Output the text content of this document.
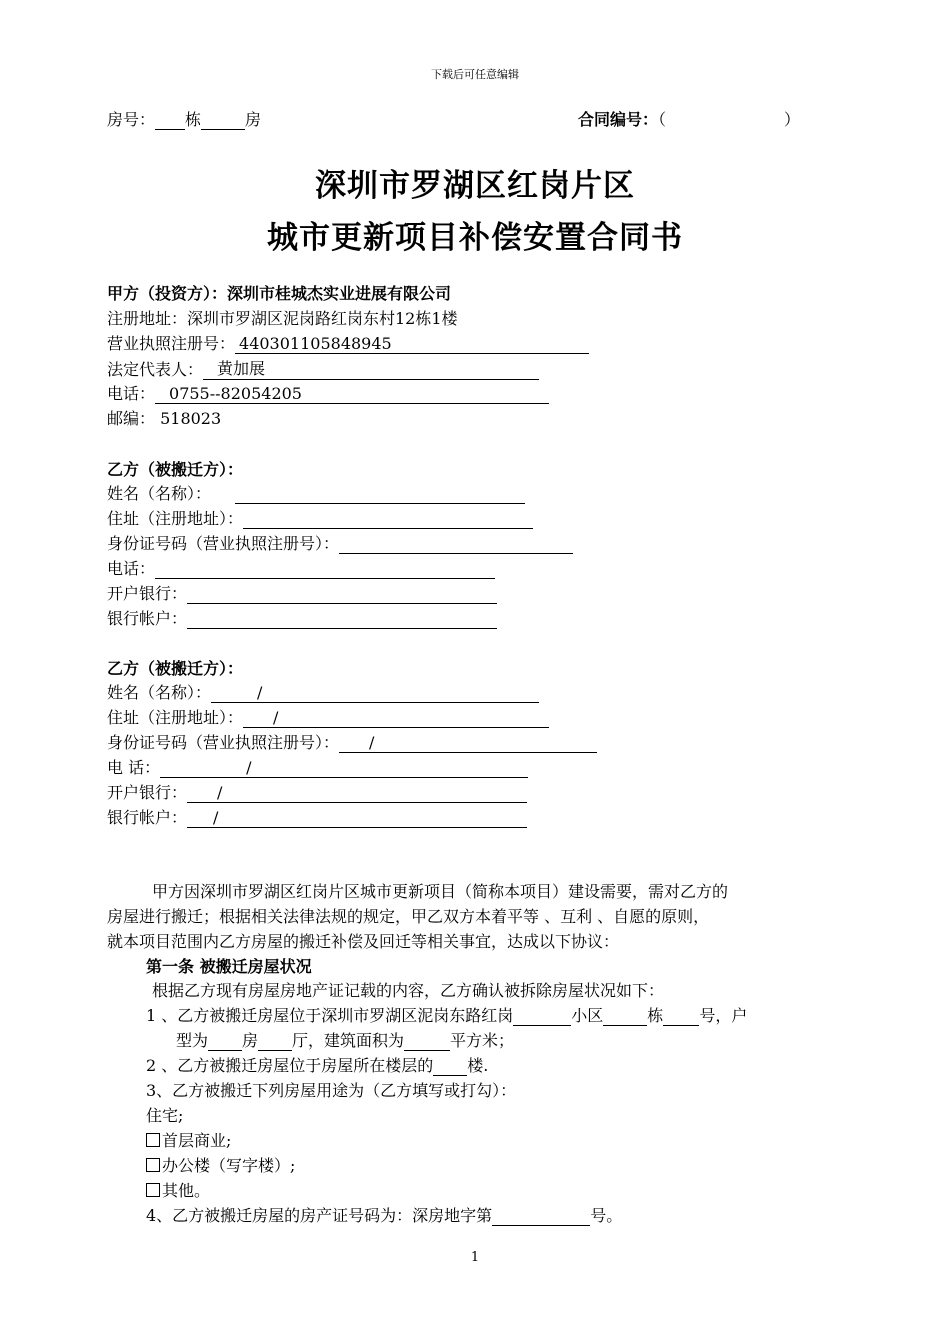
下载后可任意编辑
房号： 栋	房	合同编号：（	）
深圳市罗湖区红岗片区
城市更新项目补偿安置合同书
甲方（投资方）：深圳市桂城杰实业进展有限公司
注册地址：深圳市罗湖区泥岗路红岗东村12栋1楼
营业执照注册号： 440301105848945
法定代表人： 黄加展
电话： 0755--82054205
邮编： 518023
乙方（被搬迁方）：
姓名（名称）：
住址（注册地址）：
身份证号码（营业执照注册号）：
电话：
开户银行：
银行帐户：
乙方（被搬迁方）：
姓名（名称）：	/
住址（注册地址）： /
身份证号码（营业执照注册号）： /
电 话：	/
开户银行： /
银行帐户： /
甲方因深圳市罗湖区红岗片区城市更新项目（简称本项目）建设需要，需对乙方的
房屋进行搬迁；根据相关法律法规的规定，甲乙双方本着平等 、互利 、自愿的原则，
就本项目范围内乙方房屋的搬迁补偿及回迁等相关事宜，达成以下协议：
第一条 被搬迁房屋状况
根据乙方现有房屋房地产证记载的内容，乙方确认被拆除房屋状况如下：
1 、乙方被搬迁房屋位于深圳市罗湖区泥岗东路红岗	小区	栋 号，户
型为 房 厅，建筑面积为	平方米；
2 、乙方被搬迁房屋位于房屋所在楼层的 楼.
3、乙方被搬迁下列房屋用途为（乙方填写或打勾）：
住宅;
首层商业;
办公楼（写字楼）;
其他。
4、乙方被搬迁房屋的房产证号码为：深房地字第	号。
1
